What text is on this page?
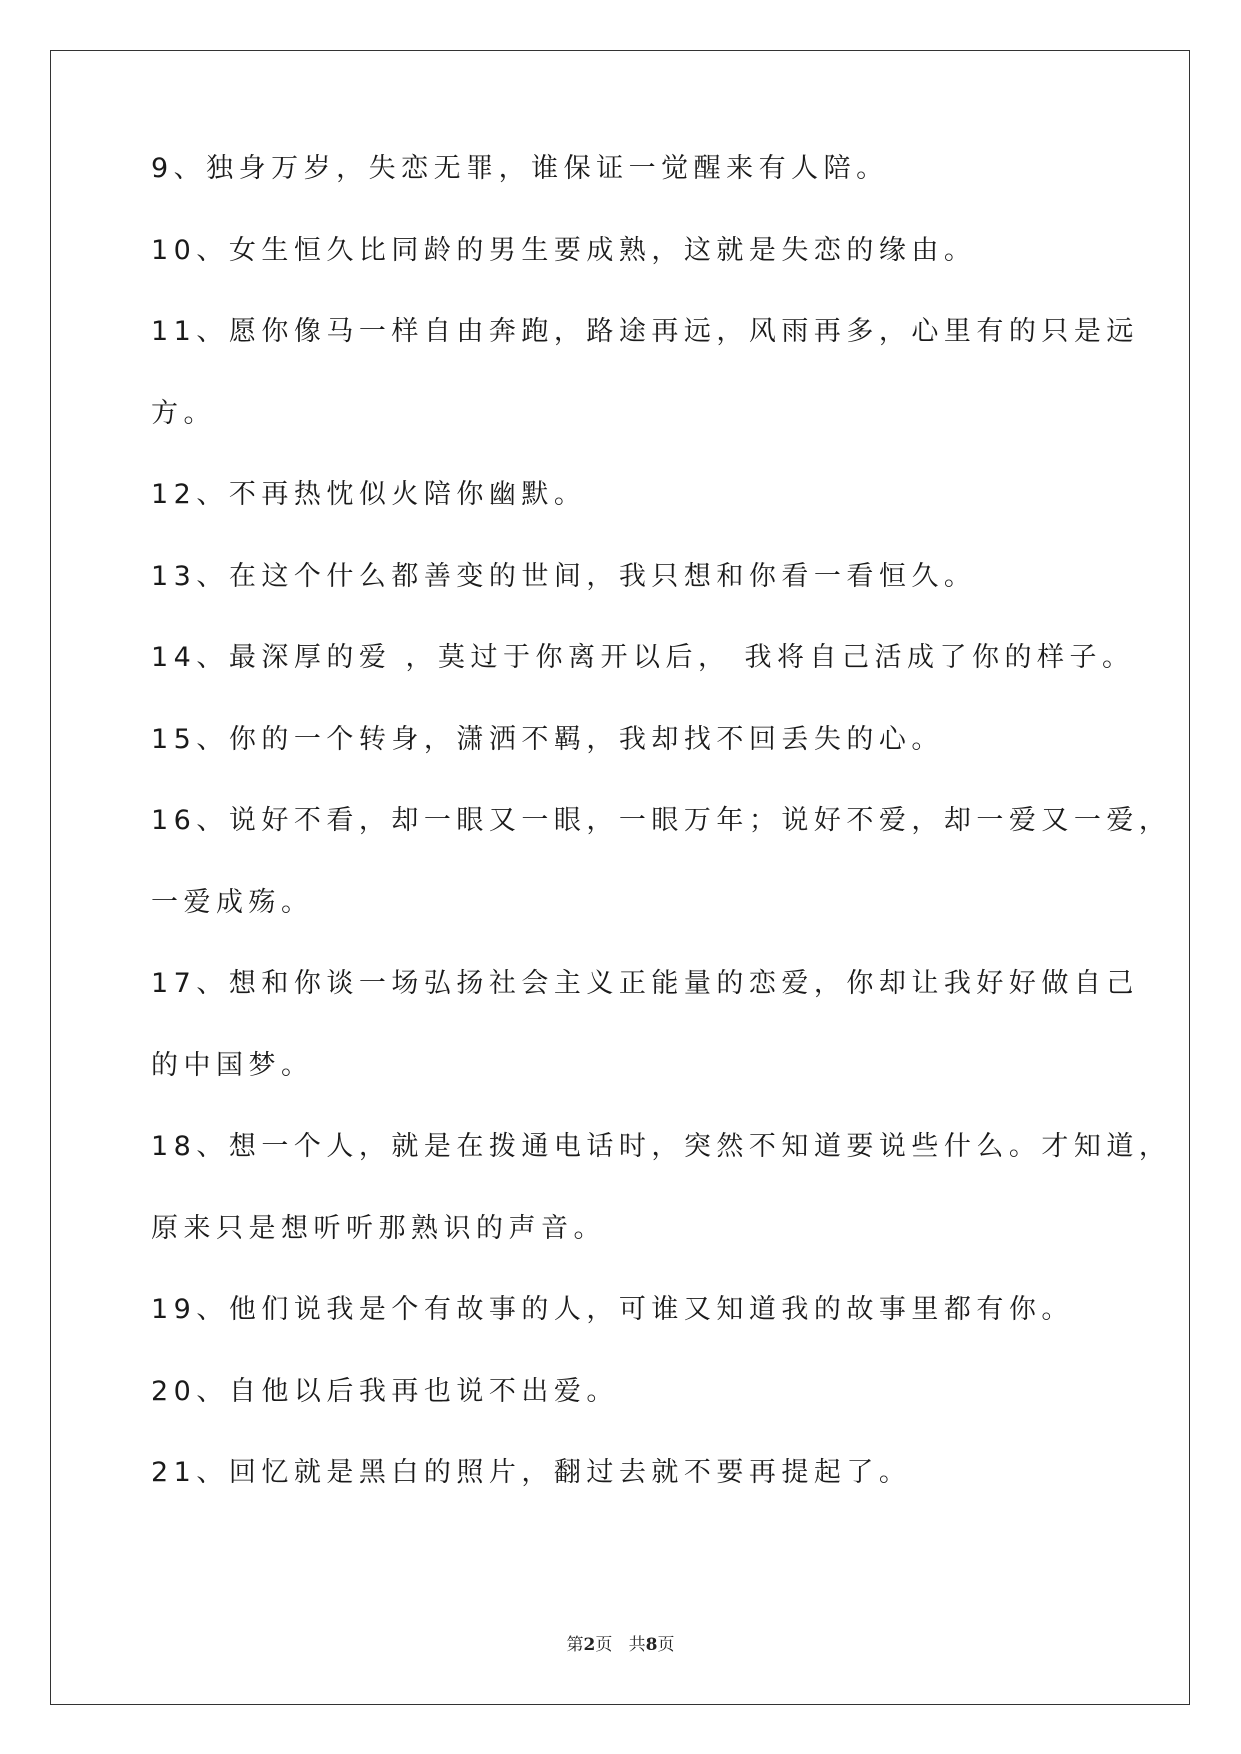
9、独身万岁，失恋无罪，谁保证一觉醒来有人陪。
10、女生恒久比同龄的男生要成熟，这就是失恋的缘由。
11、愿你像马一样自由奔跑，路途再远，风雨再多，心里有的只是远
方。
12、不再热忱似火陪你幽默。
13、在这个什么都善变的世间，我只想和你看一看恒久。
14、最深厚的爱 ，莫过于你离开以后， 我将自己活成了你的样子。
15、你的一个转身，潇洒不羁，我却找不回丢失的心。
16、说好不看，却一眼又一眼，一眼万年；说好不爱，却一爱又一爱，
一爱成殇。
17、想和你谈一场弘扬社会主义正能量的恋爱，你却让我好好做自己
的中国梦。
18、想一个人，就是在拨通电话时，突然不知道要说些什么。才知道，
原来只是想听听那熟识的声音。
19、他们说我是个有故事的人，可谁又知道我的故事里都有你。
20、自他以后我再也说不出爱。
21、回忆就是黑白的照片，翻过去就不要再提起了。
第2页 共8页
